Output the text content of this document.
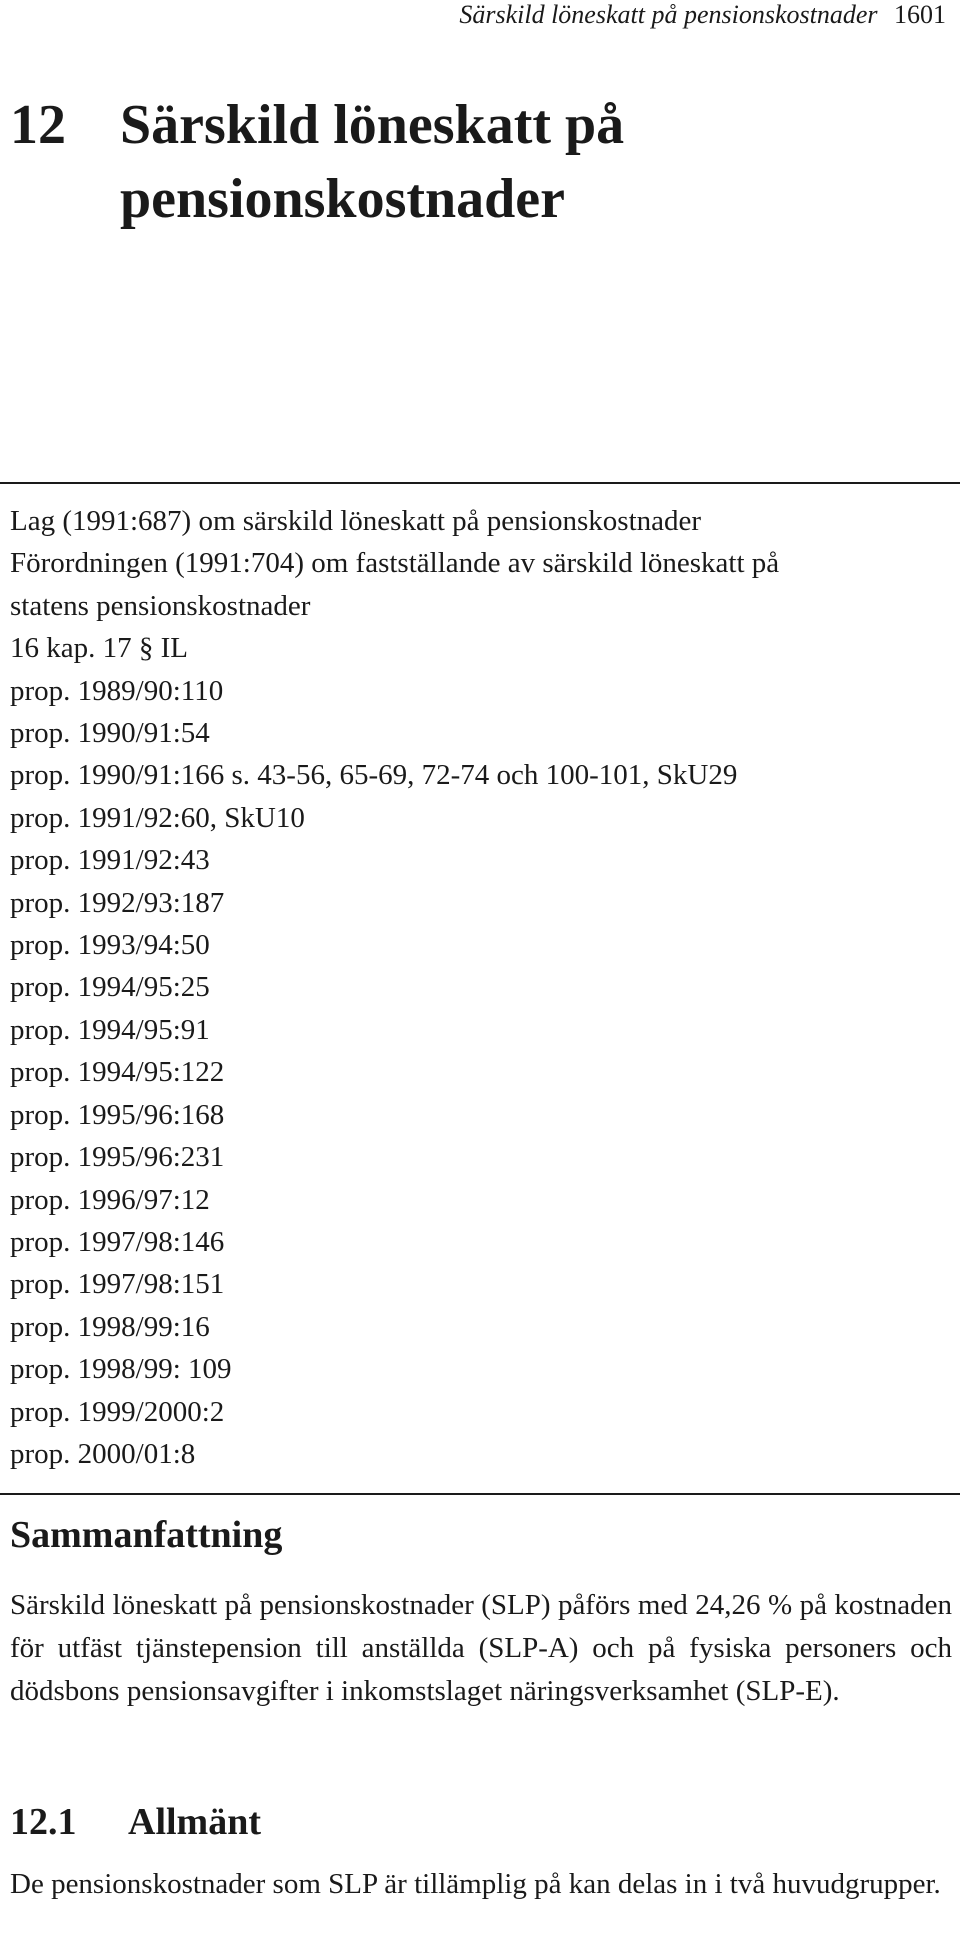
Särskild löneskatt på pensionskostnader 1601
12 Särskild löneskatt på pensionskostnader
Lag (1991:687) om särskild löneskatt på pensionskostnader
Förordningen (1991:704) om fastställande av särskild löneskatt på
statens pensionskostnader
16 kap. 17 § IL
prop. 1989/90:110
prop. 1990/91:54
prop. 1990/91:166 s. 43-56, 65-69, 72-74 och 100-101, SkU29
prop. 1991/92:60, SkU10
prop. 1991/92:43
prop. 1992/93:187
prop. 1993/94:50
prop. 1994/95:25
prop. 1994/95:91
prop. 1994/95:122
prop. 1995/96:168
prop. 1995/96:231
prop. 1996/97:12
prop. 1997/98:146
prop. 1997/98:151
prop. 1998/99:16
prop. 1998/99: 109
prop. 1999/2000:2
prop. 2000/01:8
Sammanfattning

Särskild löneskatt på pensionskostnader (SLP) påförs med 24,26 % på kostnaden för utfäst tjänstepension till anställda (SLP-A) och på fysiska personers och dödsbons pensionsavgifter i inkomstslaget näringsverksamhet (SLP-E).

12.1 Allmänt

De pensionskostnader som SLP är tillämplig på kan delas in i två huvudgrupper.
